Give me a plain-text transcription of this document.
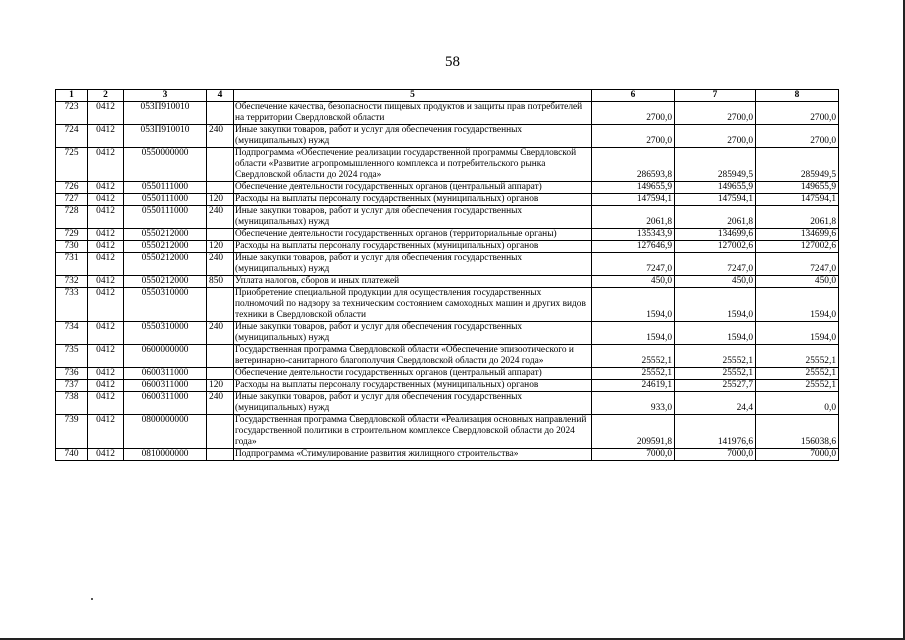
58
1	2	3	4	5	6	7	8
723	0412	053П910010		Обеспечение качества, безопасности пищевых продуктов и защиты прав потребителей на территории Свердловской области	2700,0	2700,0	2700,0
724	0412	053П910010	240	Иные закупки товаров, работ и услуг для обеспечения государственных (муниципальных) нужд	2700,0	2700,0	2700,0
725	0412	0550000000		Подпрограмма «Обеспечение реализации государственной программы Свердловской области «Развитие агропромышленного комплекса и потребительского рынка Свердловской области до 2024 года»	286593,8	285949,5	285949,5
726	0412	0550111000		Обеспечение деятельности государственных органов (центральный аппарат)	149655,9	149655,9	149655,9
727	0412	0550111000	120	Расходы на выплаты персоналу государственных (муниципальных) органов	147594,1	147594,1	147594,1
728	0412	0550111000	240	Иные закупки товаров, работ и услуг для обеспечения государственных (муниципальных) нужд	2061,8	2061,8	2061,8
729	0412	0550212000		Обеспечение деятельности государственных органов (территориальные органы)	135343,9	134699,6	134699,6
730	0412	0550212000	120	Расходы на выплаты персоналу государственных (муниципальных) органов	127646,9	127002,6	127002,6
731	0412	0550212000	240	Иные закупки товаров, работ и услуг для обеспечения государственных (муниципальных) нужд	7247,0	7247,0	7247,0
732	0412	0550212000	850	Уплата налогов, сборов и иных платежей	450,0	450,0	450,0
733	0412	0550310000		Приобретение специальной продукции для осуществления государственных полномочий по надзору за техническим состоянием самоходных машин и других видов техники в Свердловской области	1594,0	1594,0	1594,0
734	0412	0550310000	240	Иные закупки товаров, работ и услуг для обеспечения государственных (муниципальных) нужд	1594,0	1594,0	1594,0
735	0412	0600000000		Государственная программа Свердловской области «Обеспечение эпизоотического и ветеринарно-санитарного благополучия Свердловской области до 2024 года»	25552,1	25552,1	25552,1
736	0412	0600311000		Обеспечение деятельности государственных органов (центральный аппарат)	25552,1	25552,1	25552,1
737	0412	0600311000	120	Расходы на выплаты персоналу государственных (муниципальных) органов	24619,1	25527,7	25552,1
738	0412	0600311000	240	Иные закупки товаров, работ и услуг для обеспечения государственных (муниципальных) нужд	933,0	24,4	0,0
739	0412	0800000000		Государственная программа Свердловской области «Реализация основных направлений государственной политики в строительном комплексе Свердловской области до 2024 года»	209591,8	141976,6	156038,6
740	0412	0810000000		Подпрограмма «Стимулирование развития жилищного строительства»	7000,0	7000,0	7000,0
